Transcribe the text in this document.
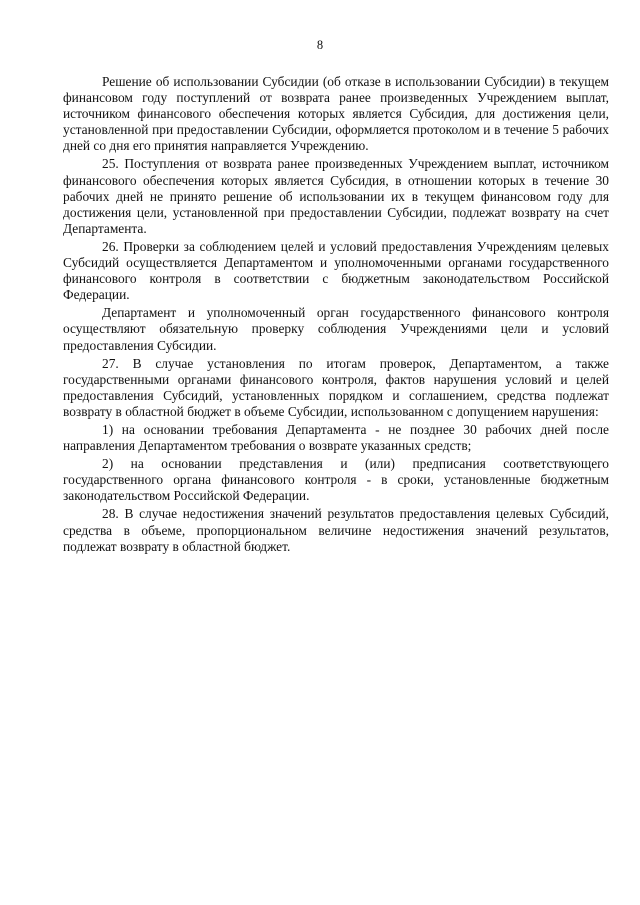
8

Решение об использовании Субсидии (об отказе в использовании Субсидии) в текущем финансовом году поступлений от возврата ранее произведенных Учреждением выплат, источником финансового обеспечения которых является Субсидия, для достижения цели, установленной при предоставлении Субсидии, оформляется протоколом и в течение 5 рабочих дней со дня его принятия направляется Учреждению.

25. Поступления от возврата ранее произведенных Учреждением выплат, источником финансового обеспечения которых является Субсидия, в отношении которых в течение 30 рабочих дней не принято решение об использовании их в текущем финансовом году для достижения цели, установленной при предоставлении Субсидии, подлежат возврату на счет Департамента.

26. Проверки за соблюдением целей и условий предоставления Учреждениям целевых Субсидий осуществляется Департаментом и уполномоченными органами государственного финансового контроля в соответствии с бюджетным законодательством Российской Федерации.

Департамент и уполномоченный орган государственного финансового контроля осуществляют обязательную проверку соблюдения Учреждениями цели и условий предоставления Субсидии.

27. В случае установления по итогам проверок, Департаментом, а также государственными органами финансового контроля, фактов нарушения условий и целей предоставления Субсидий, установленных порядком и соглашением, средства подлежат возврату в областной бюджет в объеме Субсидии, использованном с допущением нарушения:

1) на основании требования Департамента - не позднее 30 рабочих дней после направления Департаментом требования о возврате указанных средств;

2) на основании представления и (или) предписания соответствующего государственного органа финансового контроля - в сроки, установленные бюджетным законодательством Российской Федерации.

28. В случае недостижения значений результатов предоставления целевых Субсидий, средства в объеме, пропорциональном величине недостижения значений результатов, подлежат возврату в областной бюджет.
